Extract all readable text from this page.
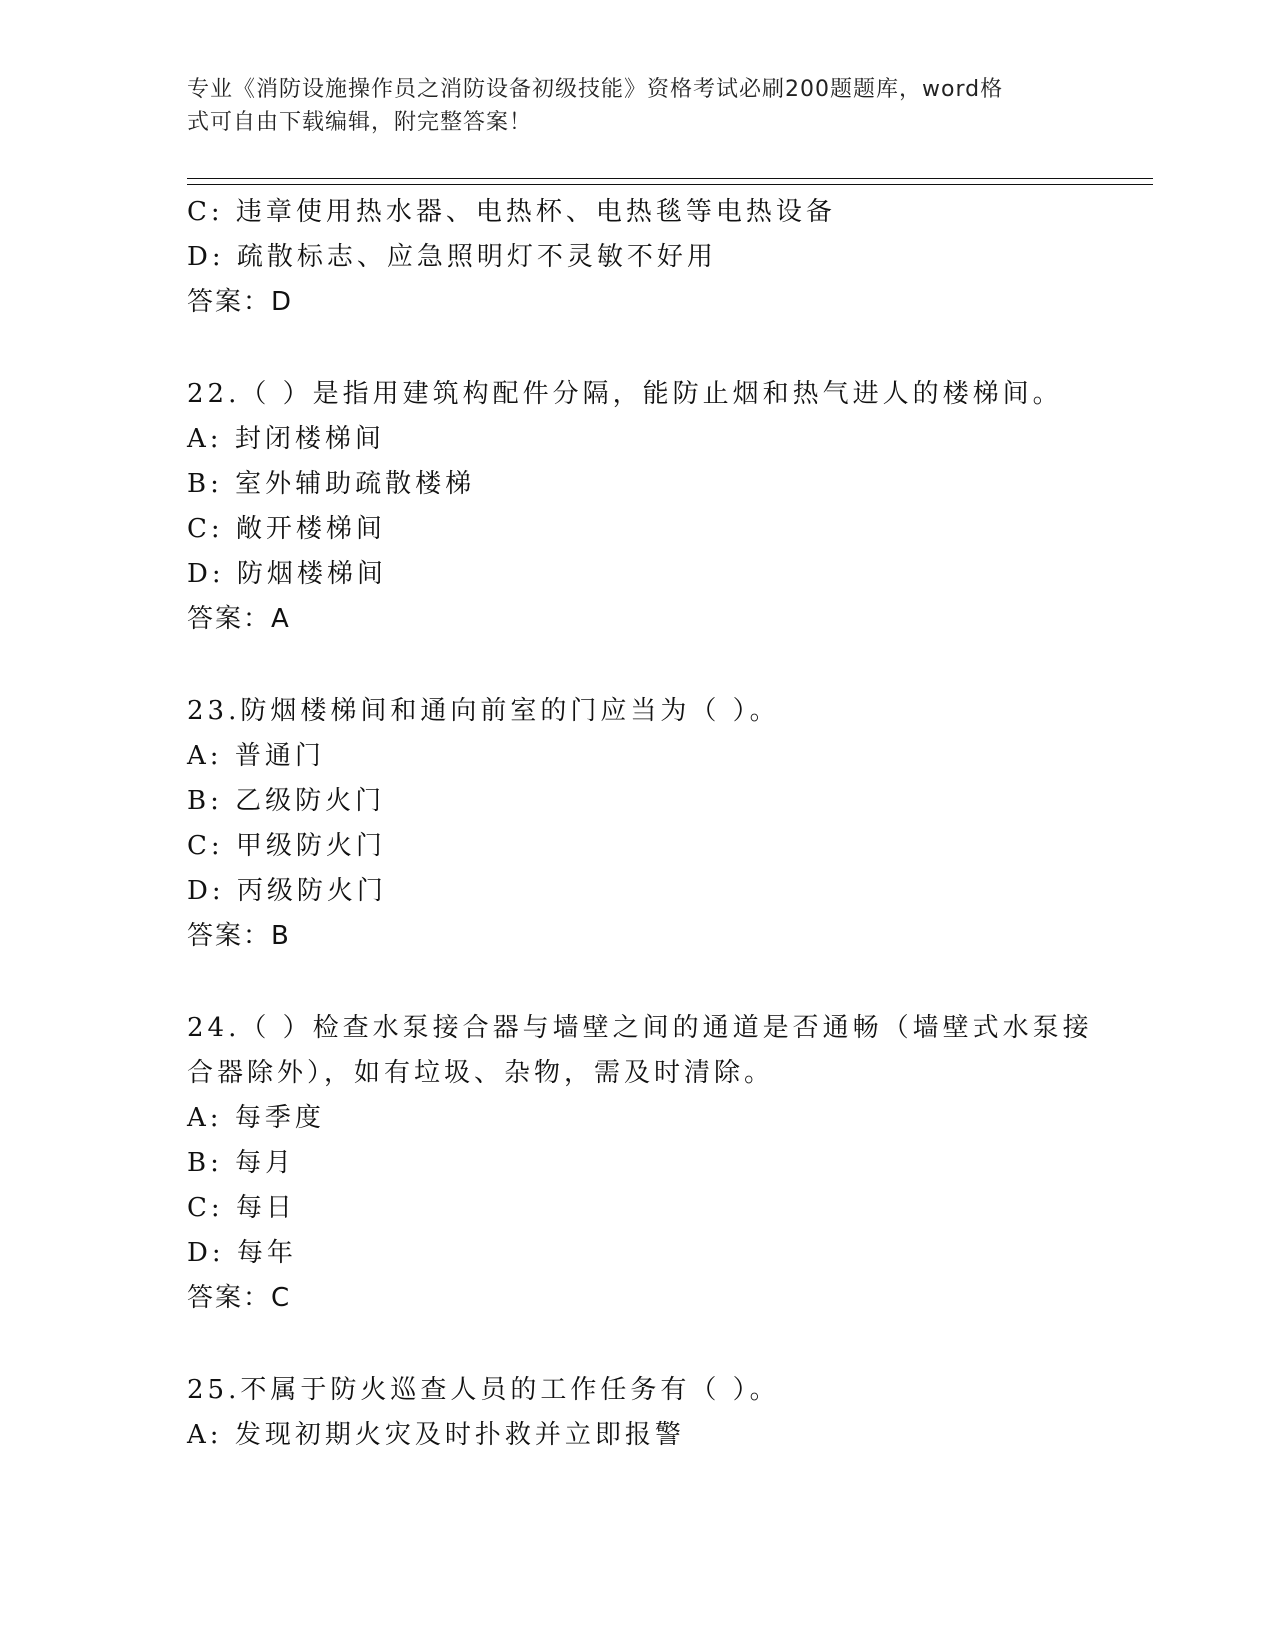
专业《消防设施操作员之消防设备初级技能》资格考试必刷200题题库，word格
式可自由下载编辑，附完整答案！
C: 违章使用热水器、电热杯、电热毯等电热设备
D: 疏散标志、应急照明灯不灵敏不好用
答案：D
22.（ ）是指用建筑构配件分隔，能防止烟和热气进人的楼梯间。
A: 封闭楼梯间
B: 室外辅助疏散楼梯
C: 敞开楼梯间
D: 防烟楼梯间
答案：A
23.防烟楼梯间和通向前室的门应当为（ ）。
A: 普通门
B: 乙级防火门
C: 甲级防火门
D: 丙级防火门
答案：B
24.（ ）检查水泵接合器与墙壁之间的通道是否通畅（墙壁式水泵接
合器除外），如有垃圾、杂物，需及时清除。
A: 每季度
B: 每月
C: 每日
D: 每年
答案：C
25.不属于防火巡查人员的工作任务有（ ）。
A: 发现初期火灾及时扑救并立即报警
